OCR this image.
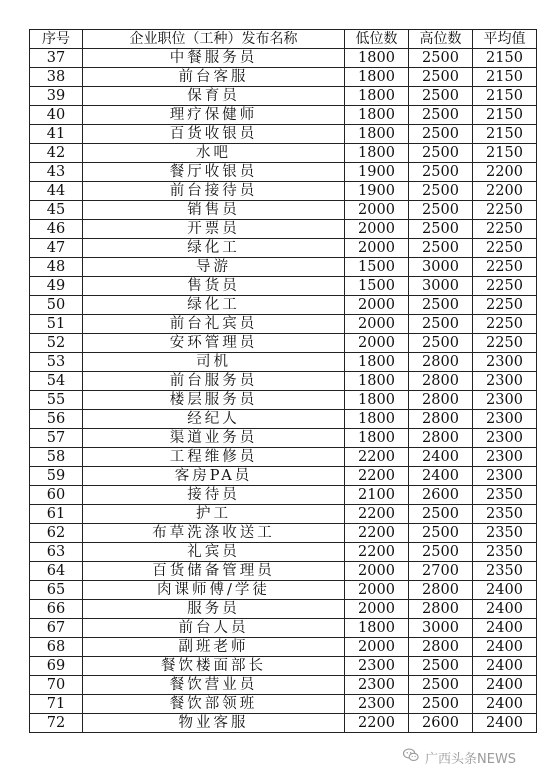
序号	企业职位（工种）发布名称	低位数	高位数	平均值
37	中餐服务员	1800	2500	2150
38	前台客服	1800	2500	2150
39	保育员	1800	2500	2150
40	理疗保健师	1800	2500	2150
41	百货收银员	1800	2500	2150
42	水吧	1800	2500	2150
43	餐厅收银员	1900	2500	2200
44	前台接待员	1900	2500	2200
45	销售员	2000	2500	2250
46	开票员	2000	2500	2250
47	绿化工	2000	2500	2250
48	导游	1500	3000	2250
49	售货员	1500	3000	2250
50	绿化工	2000	2500	2250
51	前台礼宾员	2000	2500	2250
52	安环管理员	2000	2500	2250
53	司机	1800	2800	2300
54	前台服务员	1800	2800	2300
55	楼层服务员	1800	2800	2300
56	经纪人	1800	2800	2300
57	渠道业务员	1800	2800	2300
58	工程维修员	2200	2400	2300
59	客房PA员	2200	2400	2300
60	接待员	2100	2600	2350
61	护工	2200	2500	2350
62	布草洗涤收送工	2200	2500	2350
63	礼宾员	2200	2500	2350
64	百货储备管理员	2000	2700	2350
65	肉课师傅/学徒	2000	2800	2400
66	服务员	2000	2800	2400
67	前台人员	1800	3000	2400
68	副班老师	2000	2800	2400
69	餐饮楼面部长	2300	2500	2400
70	餐饮营业员	2300	2500	2400
71	餐饮部领班	2300	2500	2400
72	物业客服	2200	2600	2400
广西头条NEWS
